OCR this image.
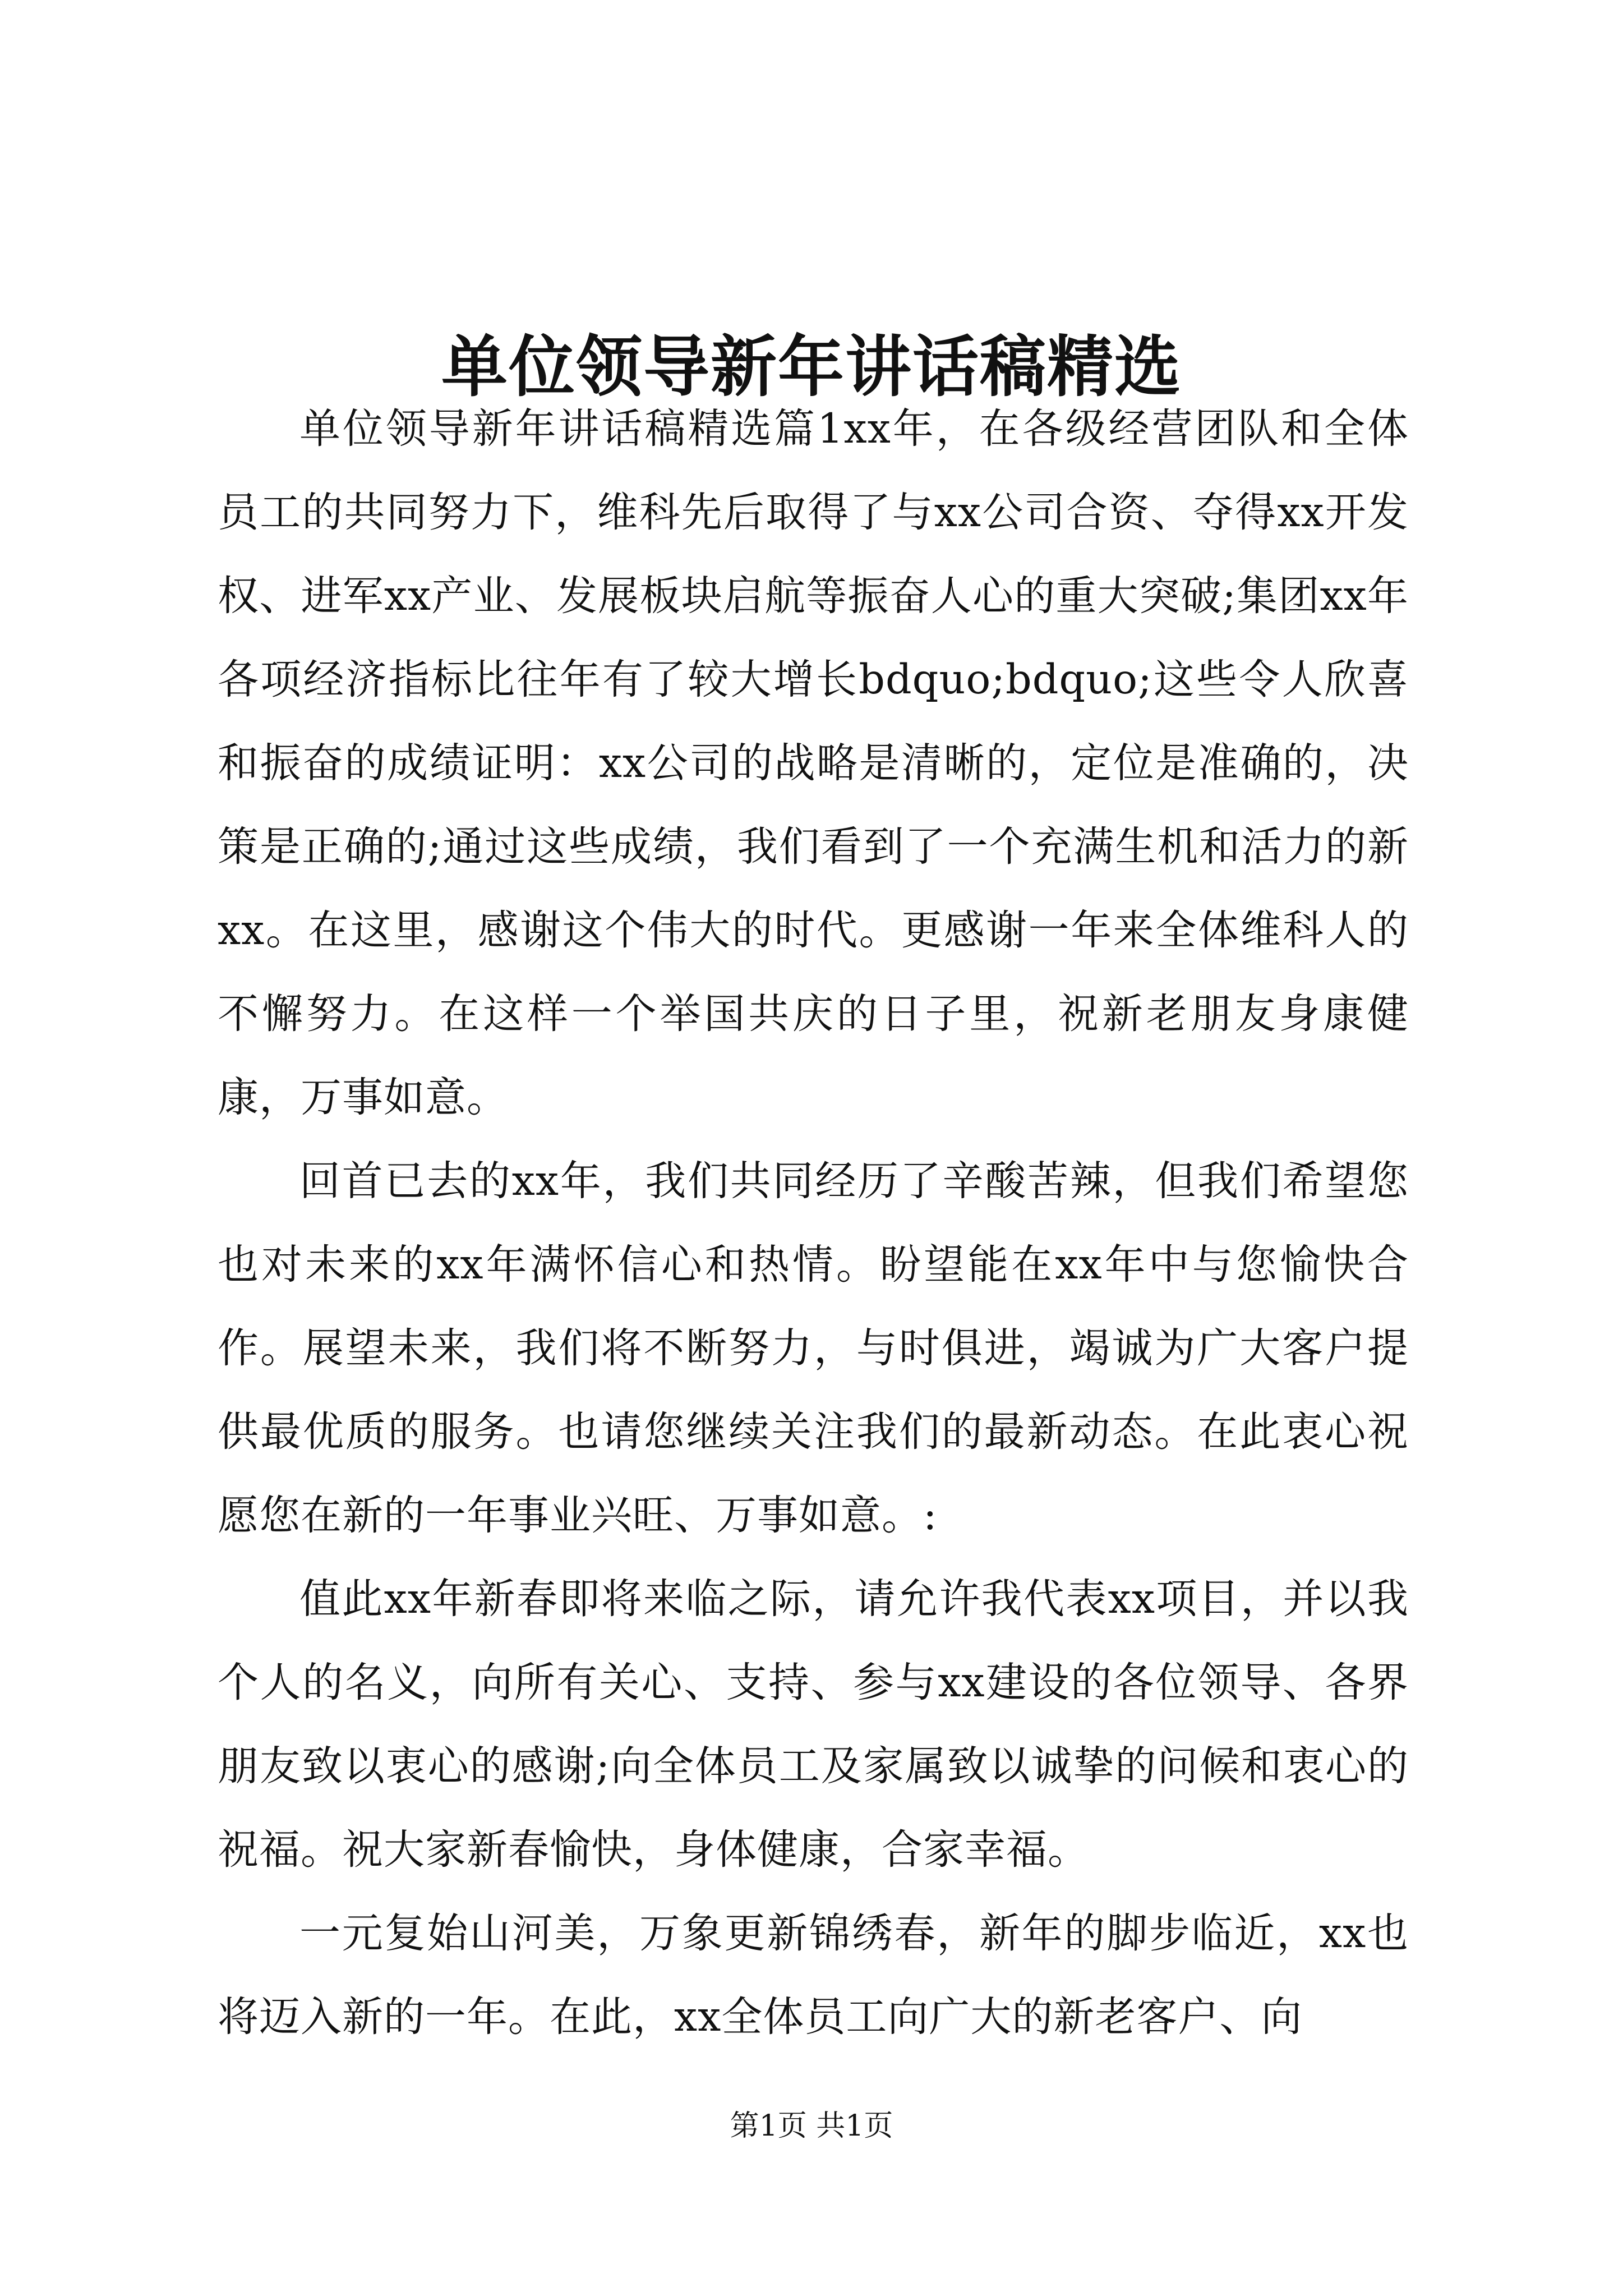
单位领导新年讲话稿精选

单位领导新年讲话稿精选篇1xx年，在各级经营团队和全体员工的共同努力下，维科先后取得了与xx公司合资、夺得xx开发权、进军xx产业、发展板块启航等振奋人心的重大突破;集团xx年各项经济指标比往年有了较大增长bdquo;bdquo;这些令人欣喜和振奋的成绩证明：xx公司的战略是清晰的，定位是准确的，决策是正确的;通过这些成绩，我们看到了一个充满生机和活力的新xx。在这里，感谢这个伟大的时代。更感谢一年来全体维科人的不懈努力。在这样一个举国共庆的日子里，祝新老朋友身康健康，万事如意。

回首已去的xx年，我们共同经历了辛酸苦辣，但我们希望您也对未来的xx年满怀信心和热情。盼望能在xx年中与您愉快合作。展望未来，我们将不断努力，与时俱进，竭诚为广大客户提供最优质的服务。也请您继续关注我们的最新动态。在此衷心祝愿您在新的一年事业兴旺、万事如意。:

值此xx年新春即将来临之际，请允许我代表xx项目，并以我个人的名义，向所有关心、支持、参与xx建设的各位领导、各界朋友致以衷心的感谢;向全体员工及家属致以诚挚的问候和衷心的祝福。祝大家新春愉快，身体健康，合家幸福。

一元复始山河美，万象更新锦绣春，新年的脚步临近，xx也将迈入新的一年。在此，xx全体员工向广大的新老客户、向

第1页 共1页
